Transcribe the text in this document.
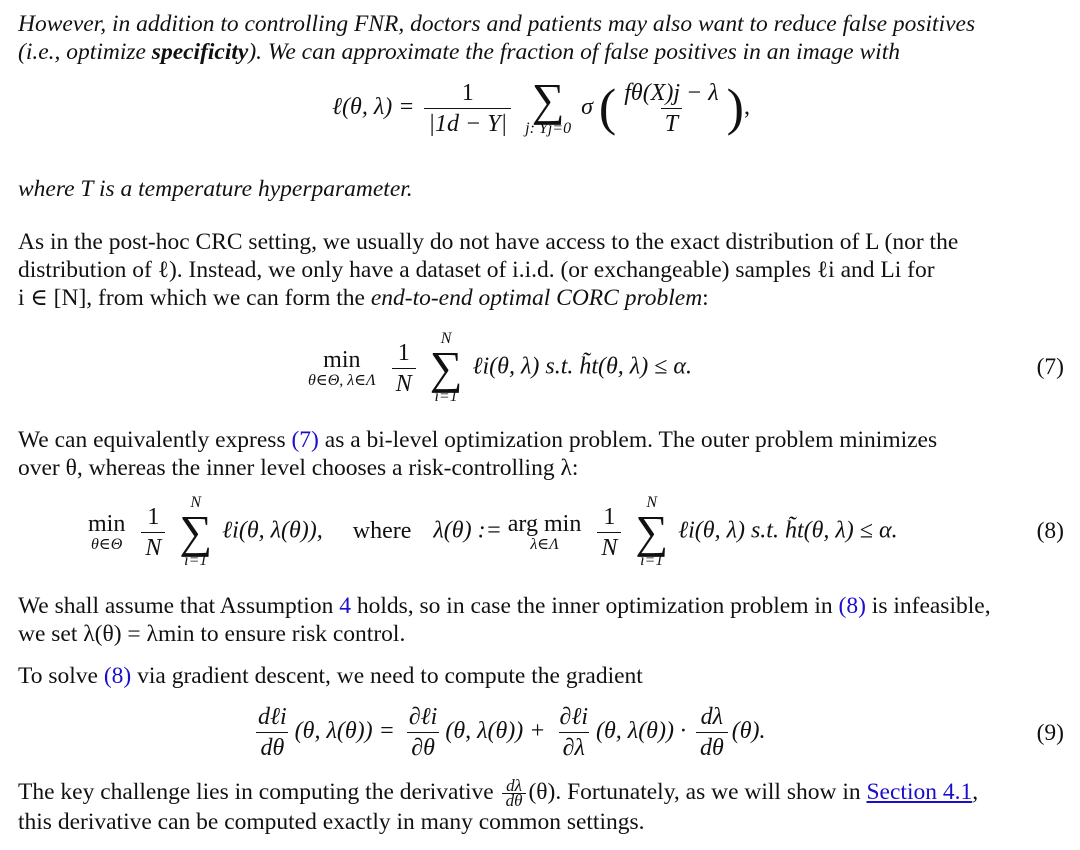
However, in addition to controlling FNR, doctors and patients may also want to reduce false positives
(i.e., optimize specificity). We can approximate the fraction of false positives in an image with

ℓ(θ, $\lambda) = \frac{1}{|1d - Y|}$
∑
j: Yj=0
σ ( $\frac{f\theta(X)j - \lambda}{T}$ ),

where T is a temperature hyperparameter.

As in the post-hoc CRC setting, we usually do not have access to the exact distribution of L (nor the
distribution of ℓ). Instead, we only have a dataset of i.i.d. (or exchangeable) samples ℓi and Li for
i ∈ [N], from which we can form the end-to-end optimal CORC problem:

min
θ∈Θ, λ∈Λ
$\frac{1}{N}$
N
∑
i=1
ℓi(θ, λ) s.t. h̃t(θ, λ) ≤ α.	(7)

We can equivalently express (7) as a bi-level optimization problem. The outer problem minimizes
over θ, whereas the inner level chooses a risk-controlling λ:

min
θ∈Θ
$\frac{1}{N}$
N
∑
i=1
ℓi(θ, λ(θ)), where λ(θ) := arg min
λ∈Λ
$\frac{1}{N}$
N
∑
i=1
ℓi(θ, λ) s.t. h̃t(θ, λ) ≤ α.	(8)

We shall assume that Assumption 4 holds, so in case the inner optimization problem in (8) is infeasible,
we set λ(θ) = λmin to ensure risk control.

To solve (8) via gradient descent, we need to compute the gradient

$\frac{\text{dℓi}}{d\theta} (\theta$, $\lambda(\theta)) = \frac{\text{∂ℓi}}{\partial\theta} (\theta$, $\lambda(\theta)) + \frac{\text{∂ℓi}}{\partial\lambda} (\theta$, $\lambda(\theta)) \cdot \frac{d\lambda}{d\theta} (\theta)$.	(9)

The key challenge lies in computing the derivative $\frac{d\lambda}{d\theta} (\theta)$. Fortunately, as we will show in Section 4.1,
this derivative can be computed exactly in many common settings.
